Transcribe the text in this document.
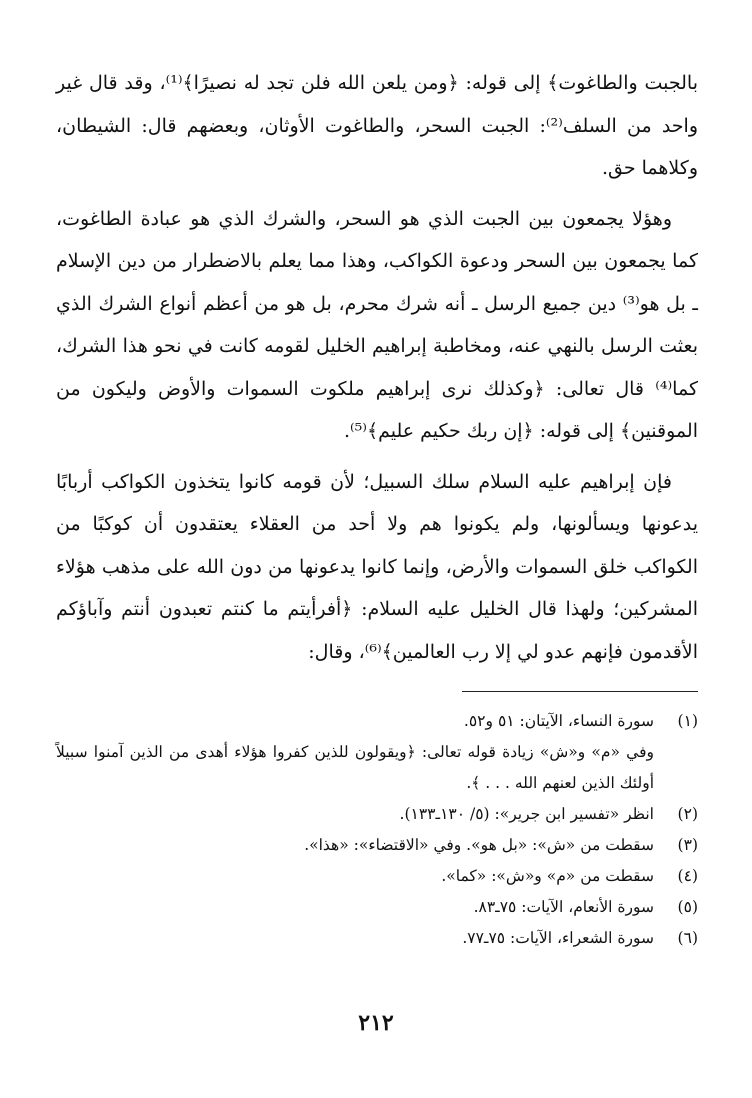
بالجبت والطاغوت﴾ إلى قوله: ﴿ومن يلعن الله فلن تجد له نصيرًا﴾⁽¹⁾، وقد قال غير واحد من السلف⁽²⁾: الجبت السحر، والطاغوت الأوثان، وبعضهم قال: الشيطان، وكلاهما حق.

وهؤلا يجمعون بين الجبت الذي هو السحر، والشرك الذي هو عبادة الطاغوت، كما يجمعون بين السحر ودعوة الكواكب، وهذا مما يعلم بالاضطرار من دين الإسلام ـ بل هو⁽³⁾ دين جميع الرسل ـ أنه شرك محرم، بل هو من أعظم أنواع الشرك الذي بعثت الرسل بالنهي عنه، ومخاطبة إبراهيم الخليل لقومه كانت في نحو هذا الشرك، كما⁽⁴⁾ قال تعالى: ﴿وكذلك نرى إبراهيم ملكوت السموات والأوض وليكون من الموقنين﴾ إلى قوله: ﴿إن ربك حكيم عليم﴾⁽⁵⁾.

فإن إبراهيم عليه السلام سلك السبيل؛ لأن قومه كانوا يتخذون الكواكب أربابًا يدعونها ويسألونها، ولم يكونوا هم ولا أحد من العقلاء يعتقدون أن كوكبًا من الكواكب خلق السموات والأرض، وإنما كانوا يدعونها من دون الله على مذهب هؤلاء المشركين؛ ولهذا قال الخليل عليه السلام: ﴿أفرأيتم ما كنتم تعبدون أنتم وآباؤكم الأقدمون فإنهم عدو لي إلا رب العالمين﴾⁽⁶⁾، وقال:

(١)
سورة النساء، الآيتان: ٥١ و٥٢.
وفي «م» و«ش» زيادة قوله تعالى: ﴿ويقولون للذين كفروا هؤلاء أهدى من الذين آمنوا سبيلاً أولئك الذين لعنهم الله . . . ﴾.
(٢)
انظر «تفسير ابن جرير»: (٥/ ١٣٠ـ١٣٣).
(٣)
سقطت من «ش»: «بل هو». وفي «الاقتضاء»: «هذا».
(٤)
سقطت من «م» و«ش»: «كما».
(٥)
سورة الأنعام، الآيات: ٧٥ـ٨٣.
(٦)
سورة الشعراء، الآيات: ٧٥ـ٧٧.
٢١٢
